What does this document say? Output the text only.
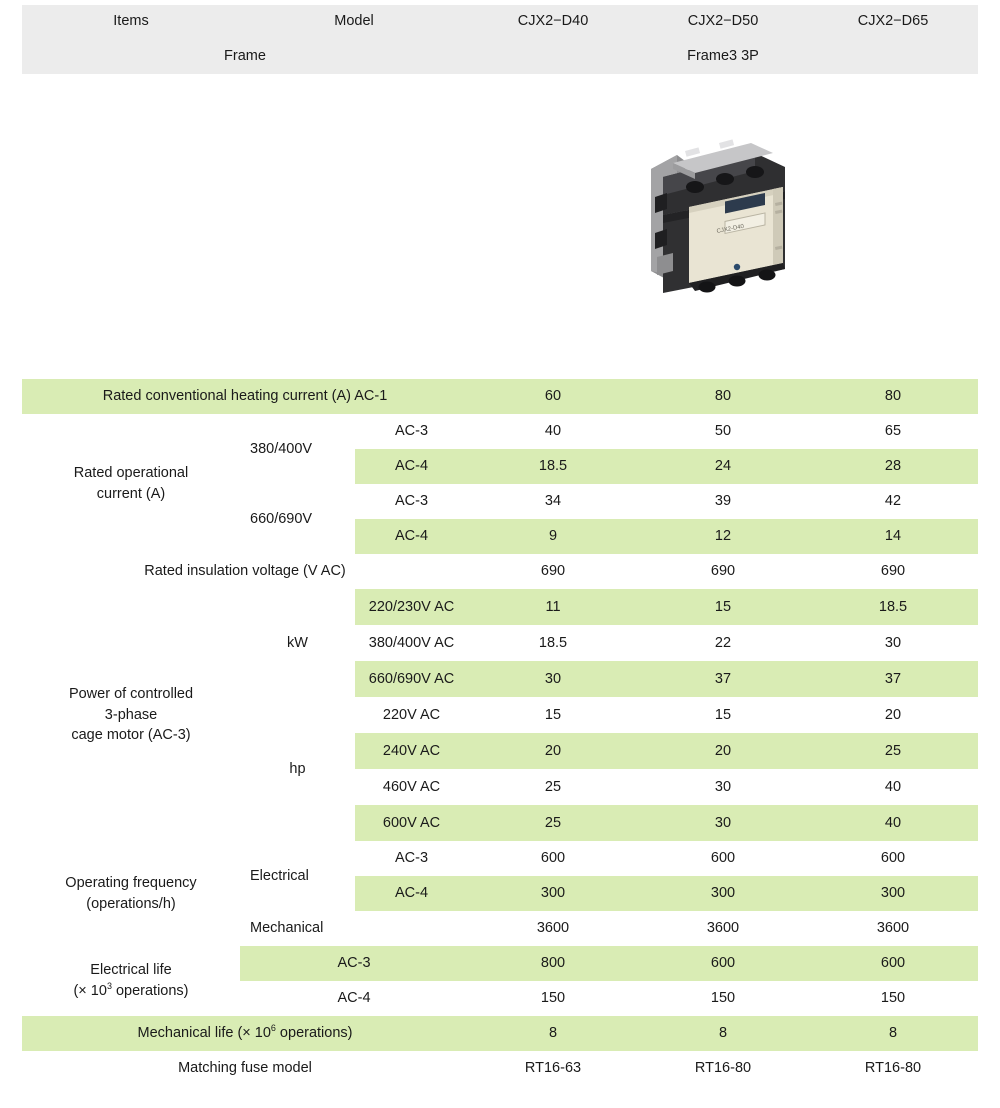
Items	Model		CJX2−D40	CJX2−D50	CJX2−D65
Frame			Frame3 3P		

CJX2-D40		

Rated conventional heating current (A) AC-1			60	80	80

Rated operational
current (A)	380/400V	AC-3	40	50	65
		AC-4	18.5	24	28
	660/690V	AC-3	34	39	42
		AC-4	9	12	14
Rated insulation voltage (V AC)			690	690	690

Power of controlled
3-phase
cage motor (AC-3)	kW	220/230V AC	11	15	18.5
		380/400V AC	18.5	22	30
		660/690V AC	30	37	37
	hp	220V AC	15	15	20
		240V AC	20	20	25
		460V AC	25	30	40
		600V AC	25	30	40

Operating frequency
(operations/h)	Electrical	AC-3	600	600	600
		AC-4	300	300	300
	Mechanical		3600	3600	3600

Electrical life
(× $10^3$ operations)	AC-3		800	600	600
	AC-4		150	150	150
Mechanical life (× $10^6$ operations)			8	8	8
Matching fuse model			RT16-63	RT16-80	RT16-80
